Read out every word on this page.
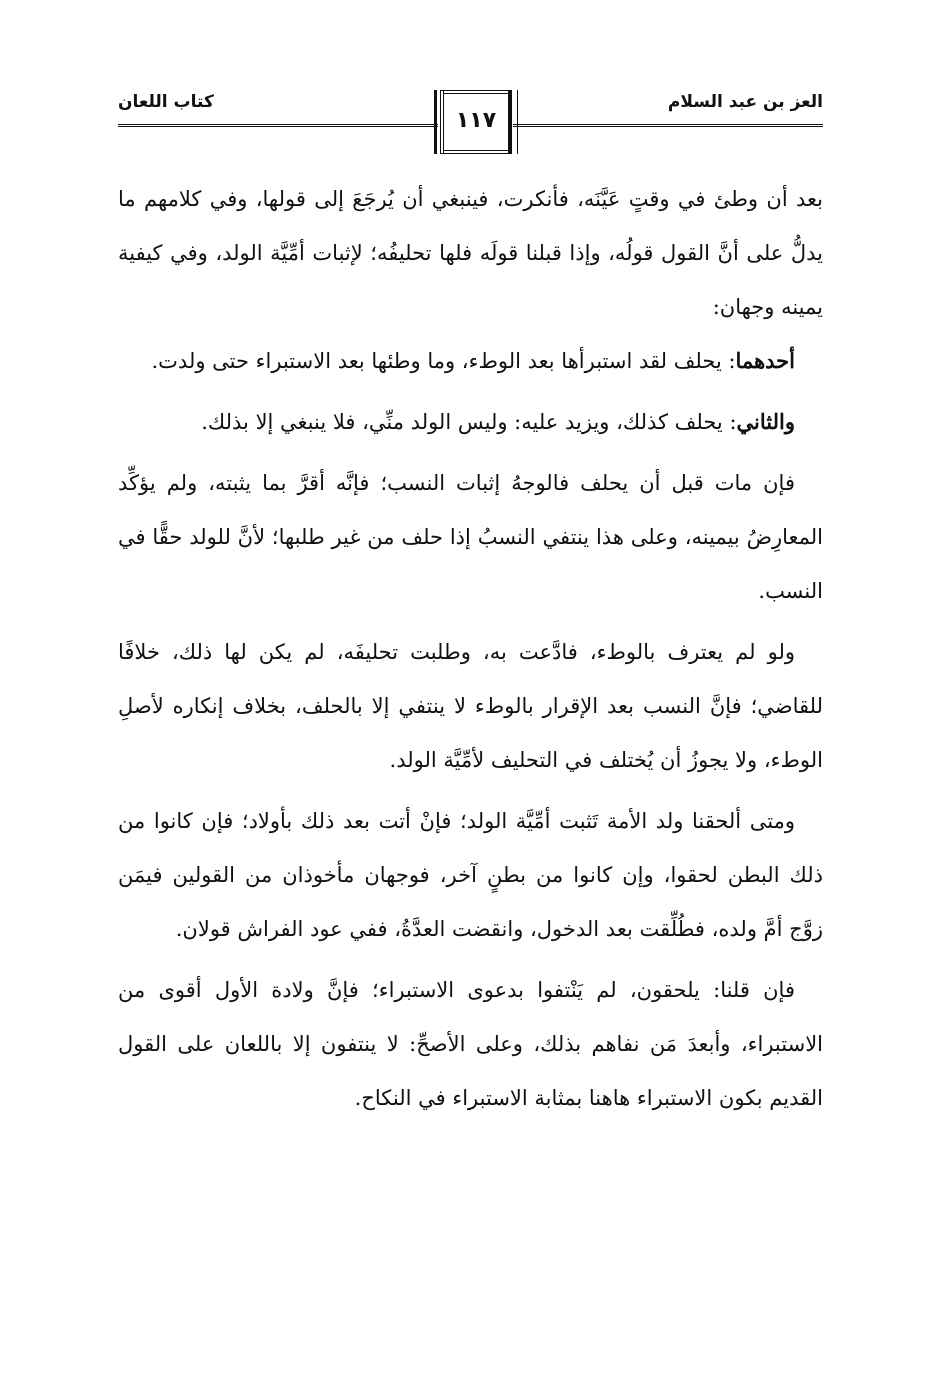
كتاب اللعان
١١٧
العز بن عبد السلام

بعد أن وطئ في وقتٍ عَيَّنَه، فأنكرت، فينبغي أن يُرجَعَ إلى قولها، وفي كلامهم ما يدلُّ على أنَّ القول قولُه، وإذا قبلنا قولَه فلها تحليفُه؛ لإثبات أمِّيَّة الولد، وفي كيفية يمينه وجهان:

أحدهما: يحلف لقد استبرأها بعد الوطء، وما وطئها بعد الاستبراء حتى ولدت.

والثاني: يحلف كذلك، ويزيد عليه: وليس الولد منِّي، فلا ينبغي إلا بذلك.

فإن مات قبل أن يحلف فالوجهُ إثبات النسب؛ فإنَّه أقرَّ بما يثبته، ولم يؤكِّد المعارِضُ بيمينه، وعلى هذا ينتفي النسبُ إذا حلف من غير طلبها؛ لأنَّ للولد حقًّا في النسب.

ولو لم يعترف بالوطء، فادَّعت به، وطلبت تحليفَه، لم يكن لها ذلك، خلافًا للقاضي؛ فإنَّ النسب بعد الإقرار بالوطء لا ينتفي إلا بالحلف، بخلاف إنكاره لأصلِ الوطء، ولا يجوزُ أن يُختلف في التحليف لأمِّيَّة الولد.

ومتى ألحقنا ولد الأمة تَثبت أمِّيَّة الولد؛ فإنْ أتت بعد ذلك بأولاد؛ فإن كانوا من ذلك البطن لحقوا، وإن كانوا من بطنٍ آخر، فوجهان مأخوذان من القولين فيمَن زوَّج أمَّ ولده، فطُلِّقت بعد الدخول، وانقضت العدَّةُ، ففي عود الفراش قولان.

فإن قلنا: يلحقون، لم يَنْتفوا بدعوى الاستبراء؛ فإنَّ ولادة الأول أقوى من الاستبراء، وأبعدَ مَن نفاهم بذلك، وعلى الأصحِّ: لا ينتفون إلا باللعان على القول القديم بكون الاستبراء هاهنا بمثابة الاستبراء في النكاح.
